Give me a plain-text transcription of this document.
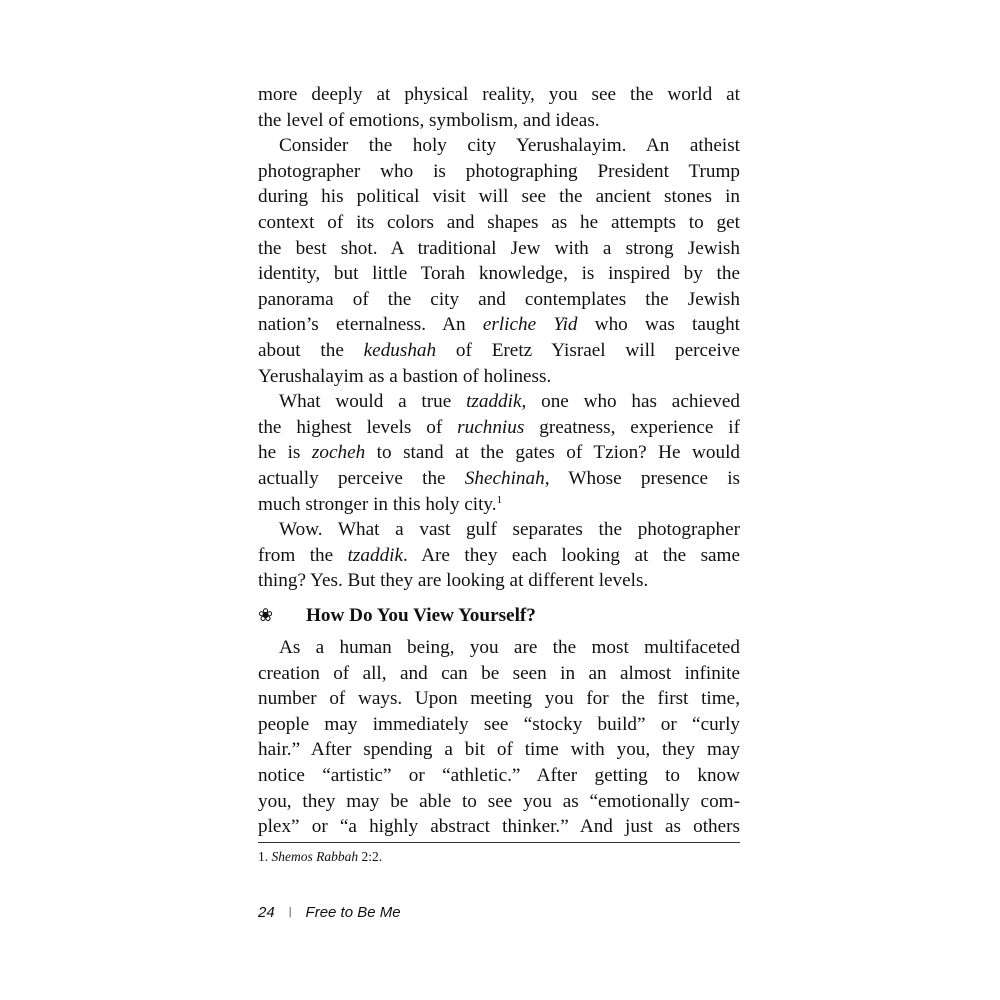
more deeply at physical reality, you see the world at
the level of emotions, symbolism, and ideas.
Consider the holy city Yerushalayim. An atheist
photographer who is photographing President Trump
during his political visit will see the ancient stones in
context of its colors and shapes as he attempts to get
the best shot. A traditional Jew with a strong Jewish
identity, but little Torah knowledge, is inspired by the
panorama of the city and contemplates the Jewish
nation’s eternalness. An erliche Yid who was taught
about the kedushah of Eretz Yisrael will perceive
Yerushalayim as a bastion of holiness.
What would a true tzaddik, one who has achieved
the highest levels of ruchnius greatness, experience if
he is zocheh to stand at the gates of Tzion? He would
actually perceive the Shechinah, Whose presence is
much stronger in this holy city.$^1$
Wow. What a vast gulf separates the photographer
from the tzaddik. Are they each looking at the same
thing? Yes. But they are looking at different levels.
❀ How Do You View Yourself?
As a human being, you are the most multifaceted
creation of all, and can be seen in an almost infinite
number of ways. Upon meeting you for the first time,
people may immediately see “stocky build” or “curly
hair.” After spending a bit of time with you, they may
notice “artistic” or “athletic.” After getting to know
you, they may be able to see you as “emotionally com-
plex” or “a highly abstract thinker.” And just as others
1. Shemos Rabbah 2:2.
24 | Free to Be Me
